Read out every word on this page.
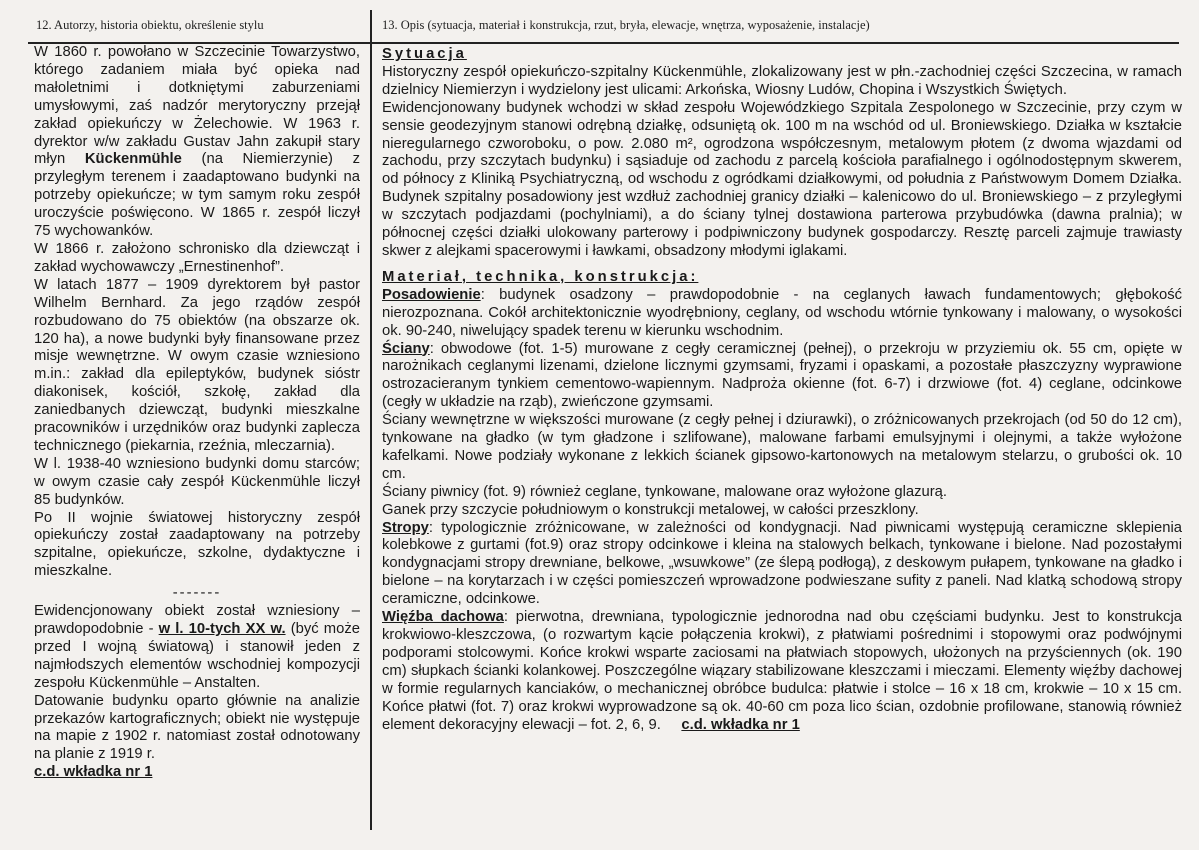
12. Autorzy, historia obiektu, określenie stylu	13. Opis (sytuacja, materiał i konstrukcja, rzut, bryła, elewacje, wnętrza, wyposażenie, instalacje)

W 1860 r. powołano w Szczecinie Towarzystwo, którego zadaniem miała być opieka nad małoletnimi i dotkniętymi zaburzeniami umysłowymi, zaś nadzór merytoryczny przejął zakład opiekuńczy w Żelechowie. W 1963 r. dyrektor w/w zakładu Gustav Jahn zakupił stary młyn Kückenmühle (na Niemierzynie) z przyległym terenem i zaadaptowano budynki na potrzeby opiekuńcze; w tym samym roku zespół uroczyście poświęcono. W 1865 r. zespół liczył 75 wychowanków.

W 1866 r. założono schronisko dla dziewcząt i zakład wychowawczy „Ernestinenhof”.

W latach 1877 – 1909 dyrektorem był pastor Wilhelm Bernhard. Za jego rządów zespół rozbudowano do 75 obiektów (na obszarze ok. 120 ha), a nowe budynki były finansowane przez misje wewnętrzne. W owym czasie wzniesiono m.in.: zakład dla epileptyków, budynek sióstr diakonisek, kościół, szkołę, zakład dla zaniedbanych dziewcząt, budynki mieszkalne pracowników i urzędników oraz budynki zaplecza technicznego (piekarnia, rzeźnia, mleczarnia).

W l. 1938-40 wzniesiono budynki domu starców; w owym czasie cały zespół Kückenmühle liczył 85 budynków.

Po II wojnie światowej historyczny zespół opiekuńczy został zaadaptowany na potrzeby szpitalne, opiekuńcze, szkolne, dydaktyczne i mieszkalne.

-------

Ewidencjonowany obiekt został wzniesiony – prawdopodobnie - w l. 10-tych XX w. (być może przed I wojną światową) i stanowił jeden z najmłodszych elementów wschodniej kompozycji zespołu Kückenmühle – Anstalten.

Datowanie budynku oparto głównie na analizie przekazów kartograficznych; obiekt nie występuje na mapie z 1902 r. natomiast został odnotowany na planie z 1919 r.

c.d. wkładka nr 1

Sytuacja

Historyczny zespół opiekuńczo-szpitalny Kückenmühle, zlokalizowany jest w płn.-zachodniej części Szczecina, w ramach dzielnicy Niemierzyn i wydzielony jest ulicami: Arkońska, Wiosny Ludów, Chopina i Wszystkich Świętych.

Ewidencjonowany budynek wchodzi w skład zespołu Wojewódzkiego Szpitala Zespolonego w Szczecinie, przy czym w sensie geodezyjnym stanowi odrębną działkę, odsuniętą ok. 100 m na wschód od ul. Broniewskiego. Działka w kształcie nieregularnego czworoboku, o pow. 2.080 m², ogrodzona współczesnym, metalowym płotem (z dwoma wjazdami od zachodu, przy szczytach budynku) i sąsiaduje od zachodu z parcelą kościoła parafialnego i ogólnodostępnym skwerem, od północy z Kliniką Psychiatryczną, od wschodu z ogródkami działkowymi, od południa z Państwowym Domem Działka. Budynek szpitalny posadowiony jest wzdłuż zachodniej granicy działki – kalenicowo do ul. Broniewskiego – z przyległymi w szczytach podjazdami (pochylniami), a do ściany tylnej dostawiona parterowa przybudówka (dawna pralnia); w północnej części działki ulokowany parterowy i podpiwniczony budynek gospodarczy. Resztę parceli zajmuje trawiasty skwer z alejkami spacerowymi i ławkami, obsadzony młodymi iglakami.

Materiał, technika, konstrukcja:

Posadowienie: budynek osadzony – prawdopodobnie - na ceglanych ławach fundamentowych; głębokość nierozpoznana. Cokół architektonicznie wyodrębniony, ceglany, od wschodu wtórnie tynkowany i malowany, o wysokości ok. 90-240, niwelujący spadek terenu w kierunku wschodnim.

Ściany: obwodowe (fot. 1-5) murowane z cegły ceramicznej (pełnej), o przekroju w przyziemiu ok. 55 cm, opięte w narożnikach ceglanymi lizenami, dzielone licznymi gzymsami, fryzami i opaskami, a pozostałe płaszczyzny wyprawione ostrozacieranym tynkiem cementowo-wapiennym. Nadproża okienne (fot. 6-7) i drzwiowe (fot. 4) ceglane, odcinkowe (cegły w układzie na rząb), zwieńczone gzymsami.

Ściany wewnętrzne w większości murowane (z cegły pełnej i dziurawki), o zróżnicowanych przekrojach (od 50 do 12 cm), tynkowane na gładko (w tym gładzone i szlifowane), malowane farbami emulsyjnymi i olejnymi, a także wyłożone kafelkami. Nowe podziały wykonane z lekkich ścianek gipsowo-kartonowych na metalowym stelarzu, o grubości ok. 10 cm.

Ściany piwnicy (fot. 9) również ceglane, tynkowane, malowane oraz wyłożone glazurą.

Ganek przy szczycie południowym o konstrukcji metalowej, w całości przeszklony.

Stropy: typologicznie zróżnicowane, w zależności od kondygnacji. Nad piwnicami występują ceramiczne sklepienia kolebkowe z gurtami (fot.9) oraz stropy odcinkowe i kleina na stalowych belkach, tynkowane i bielone. Nad pozostałymi kondygnacjami stropy drewniane, belkowe, „wsuwkowe” (ze ślepą podłogą), z deskowym pułapem, tynkowane na gładko i bielone – na korytarzach i w części pomieszczeń wprowadzone podwieszane sufity z paneli. Nad klatką schodową stropy ceramiczne, odcinkowe.

Więźba dachowa: pierwotna, drewniana, typologicznie jednorodna nad obu częściami budynku. Jest to konstrukcja krokwiowo-kleszczowa, (o rozwartym kącie połączenia krokwi), z płatwiami pośrednimi i stopowymi oraz podwójnymi podporami stolcowymi. Końce krokwi wsparte zaciosami na płatwiach stopowych, ułożonych na przyściennych (ok. 190 cm) słupkach ścianki kolankowej. Poszczególne wiązary stabilizowane kleszczami i mieczami. Elementy więźby dachowej w formie regularnych kanciaków, o mechanicznej obróbce budulca: płatwie i stolce – 16 x 18 cm, krokwie – 10 x 15 cm. Końce płatwi (fot. 7) oraz krokwi wyprowadzone są ok. 40-60 cm poza lico ścian, ozdobnie profilowane, stanowią również element dekoracyjny elewacji – fot. 2, 6, 9. c.d. wkładka nr 1
